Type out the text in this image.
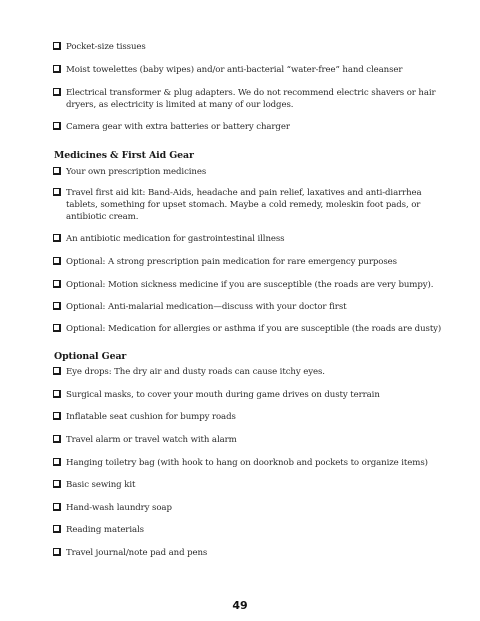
Pocket-size tissues
Moist towelettes (baby wipes) and/or anti-bacterial “water-free” hand cleanser
Electrical transformer & plug adapters. We do not recommend electric shavers or hair dryers, as electricity is limited at many of our lodges.
Camera gear with extra batteries or battery charger
Medicines & First Aid Gear
Your own prescription medicines
Travel first aid kit: Band-Aids, headache and pain relief, laxatives and anti-diarrhea tablets, something for upset stomach. Maybe a cold remedy, moleskin foot pads, or antibiotic cream.
An antibiotic medication for gastrointestinal illness
Optional: A strong prescription pain medication for rare emergency purposes
Optional: Motion sickness medicine if you are susceptible (the roads are very bumpy).
Optional: Anti-malarial medication—discuss with your doctor first
Optional: Medication for allergies or asthma if you are susceptible (the roads are dusty)
Optional Gear
Eye drops: The dry air and dusty roads can cause itchy eyes.
Surgical masks, to cover your mouth during game drives on dusty terrain
Inflatable seat cushion for bumpy roads
Travel alarm or travel watch with alarm
Hanging toiletry bag (with hook to hang on doorknob and pockets to organize items)
Basic sewing kit
Hand-wash laundry soap
Reading materials
Travel journal/note pad and pens
49
